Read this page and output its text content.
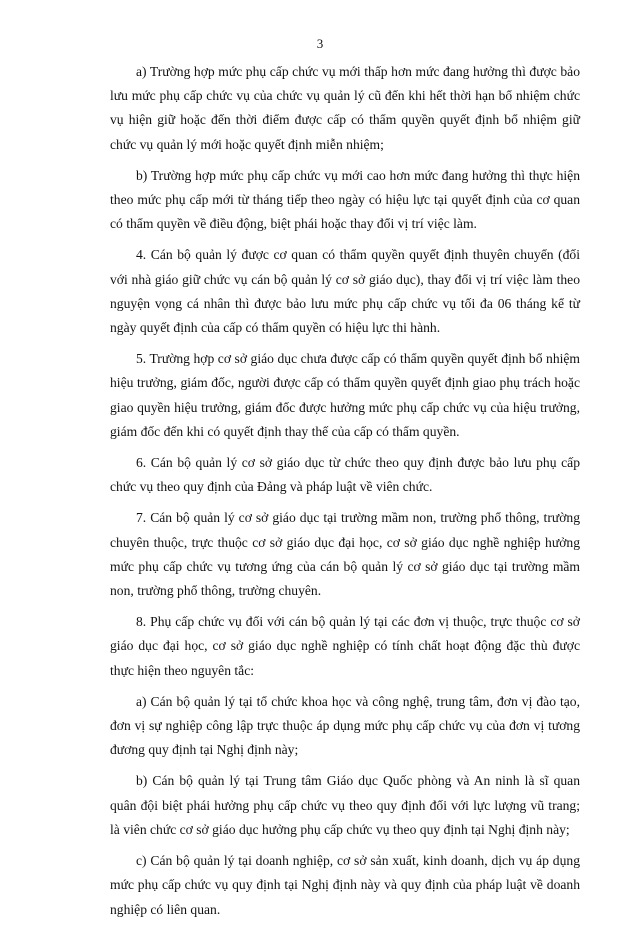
3

a) Trường hợp mức phụ cấp chức vụ mới thấp hơn mức đang hưởng thì được bảo lưu mức phụ cấp chức vụ của chức vụ quản lý cũ đến khi hết thời hạn bổ nhiệm chức vụ hiện giữ hoặc đến thời điểm được cấp có thẩm quyền quyết định bổ nhiệm giữ chức vụ quản lý mới hoặc quyết định miễn nhiệm;

b) Trường hợp mức phụ cấp chức vụ mới cao hơn mức đang hưởng thì thực hiện theo mức phụ cấp mới từ tháng tiếp theo ngày có hiệu lực tại quyết định của cơ quan có thẩm quyền về điều động, biệt phái hoặc thay đổi vị trí việc làm.

4. Cán bộ quản lý được cơ quan có thẩm quyền quyết định thuyên chuyển (đối với nhà giáo giữ chức vụ cán bộ quản lý cơ sở giáo dục), thay đổi vị trí việc làm theo nguyện vọng cá nhân thì được bảo lưu mức phụ cấp chức vụ tối đa 06 tháng kể từ ngày quyết định của cấp có thẩm quyền có hiệu lực thi hành.

5. Trường hợp cơ sở giáo dục chưa được cấp có thẩm quyền quyết định bổ nhiệm hiệu trưởng, giám đốc, người được cấp có thẩm quyền quyết định giao phụ trách hoặc giao quyền hiệu trưởng, giám đốc được hưởng mức phụ cấp chức vụ của hiệu trưởng, giám đốc đến khi có quyết định thay thế của cấp có thẩm quyền.

6. Cán bộ quản lý cơ sở giáo dục từ chức theo quy định được bảo lưu phụ cấp chức vụ theo quy định của Đảng và pháp luật về viên chức.

7. Cán bộ quản lý cơ sở giáo dục tại trường mầm non, trường phổ thông, trường chuyên thuộc, trực thuộc cơ sở giáo dục đại học, cơ sở giáo dục nghề nghiệp hưởng mức phụ cấp chức vụ tương ứng của cán bộ quản lý cơ sở giáo dục tại trường mầm non, trường phổ thông, trường chuyên.

8. Phụ cấp chức vụ đối với cán bộ quản lý tại các đơn vị thuộc, trực thuộc cơ sở giáo dục đại học, cơ sở giáo dục nghề nghiệp có tính chất hoạt động đặc thù được thực hiện theo nguyên tắc:

a) Cán bộ quản lý tại tổ chức khoa học và công nghệ, trung tâm, đơn vị đào tạo, đơn vị sự nghiệp công lập trực thuộc áp dụng mức phụ cấp chức vụ của đơn vị tương đương quy định tại Nghị định này;

b) Cán bộ quản lý tại Trung tâm Giáo dục Quốc phòng và An ninh là sĩ quan quân đội biệt phái hưởng phụ cấp chức vụ theo quy định đối với lực lượng vũ trang; là viên chức cơ sở giáo dục hưởng phụ cấp chức vụ theo quy định tại Nghị định này;

c) Cán bộ quản lý tại doanh nghiệp, cơ sở sản xuất, kinh doanh, dịch vụ áp dụng mức phụ cấp chức vụ quy định tại Nghị định này và quy định của pháp luật về doanh nghiệp có liên quan.
